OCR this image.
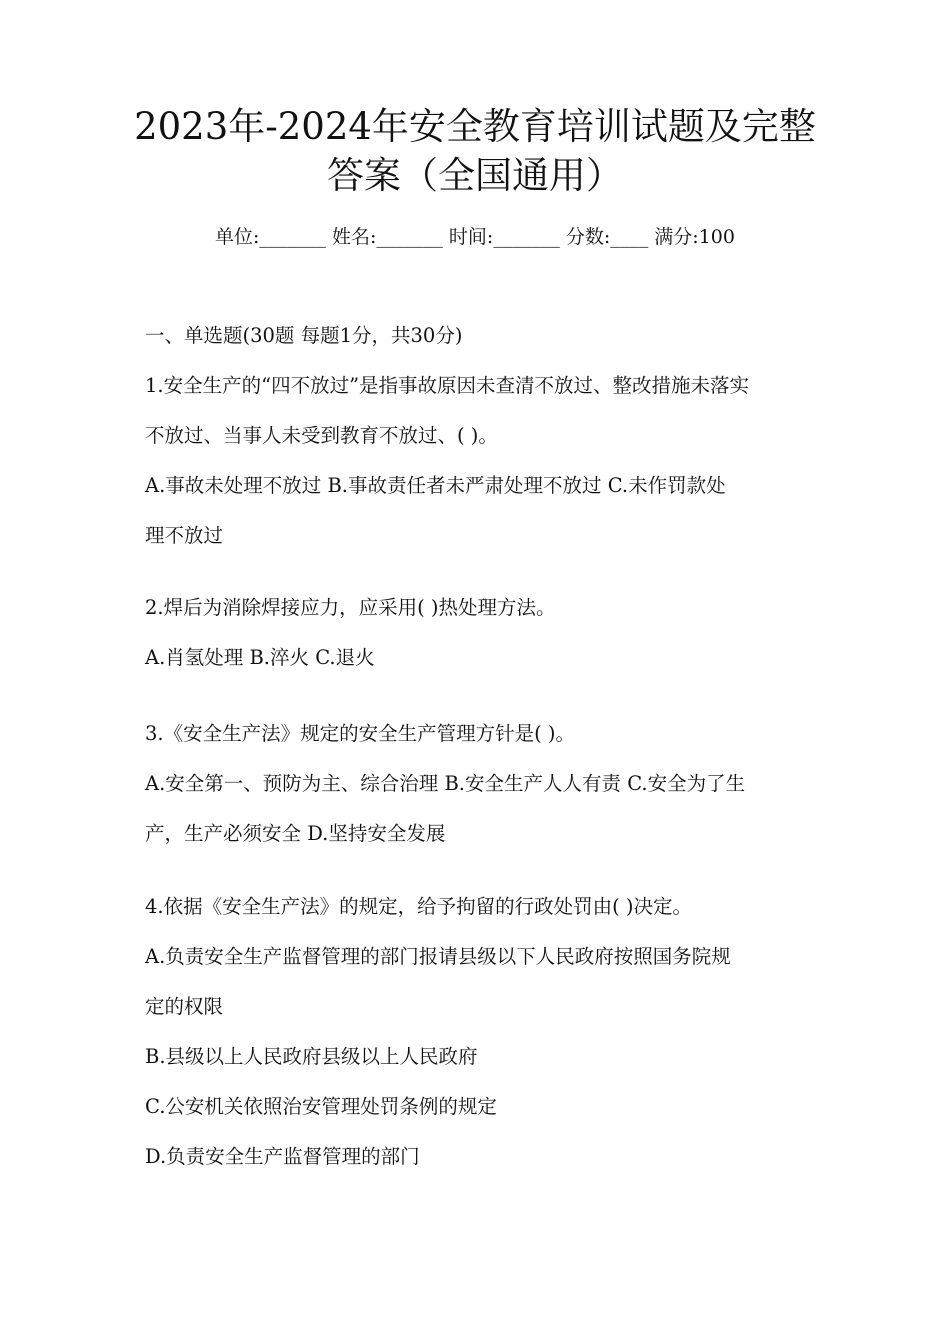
2023年-2024年安全教育培训试题及完整
答案（全国通用）
单位:_______ 姓名:_______ 时间:_______ 分数:____ 满分:100
一、单选题(30题 每题1分，共30分)
1.安全生产的“四不放过”是指事故原因未查清不放过、整改措施未落实
不放过、当事人未受到教育不放过、( )。
A.事故未处理不放过 B.事故责任者未严肃处理不放过 C.未作罚款处
理不放过
2.焊后为消除焊接应力，应采用( )热处理方法。
A.肖氢处理 B.淬火 C.退火
3.《安全生产法》规定的安全生产管理方针是( )。
A.安全第一、预防为主、综合治理 B.安全生产人人有责 C.安全为了生
产，生产必须安全 D.坚持安全发展
4.依据《安全生产法》的规定，给予拘留的行政处罚由( )决定。
A.负责安全生产监督管理的部门报请县级以下人民政府按照国务院规
定的权限
B.县级以上人民政府县级以上人民政府
C.公安机关依照治安管理处罚条例的规定
D.负责安全生产监督管理的部门
